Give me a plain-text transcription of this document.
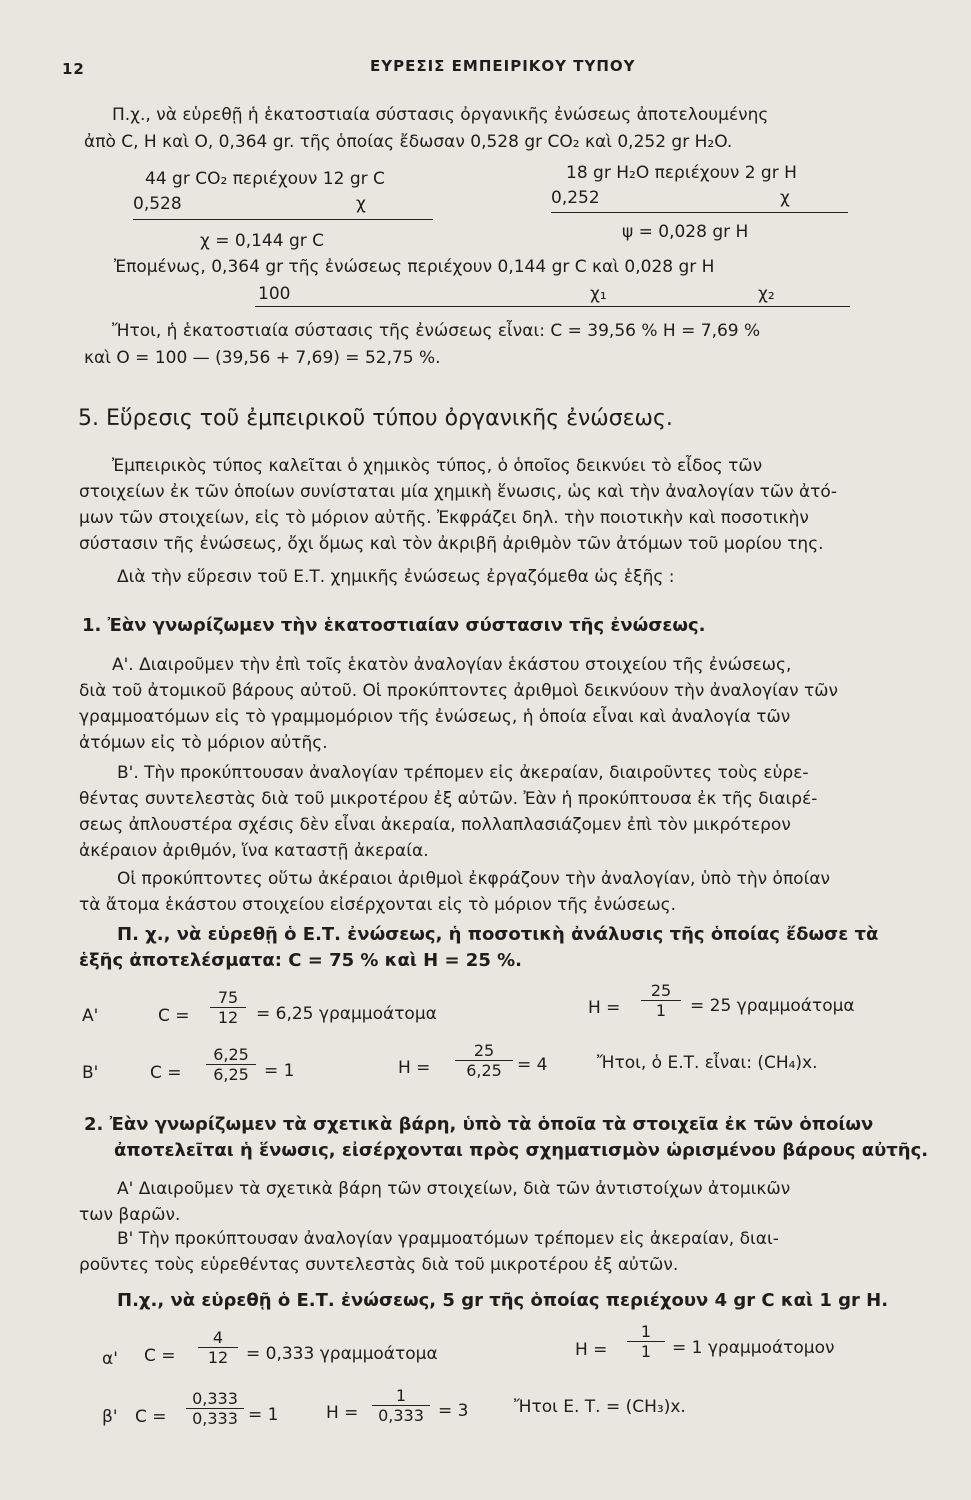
12	ΕΥΡΕΣΙΣ ΕΜΠΕΙΡΙΚΟΥ ΤΥΠΟΥ
Π.χ., νὰ εὑρεθῇ ἡ ἑκατοστιαία σύστασις ὀργανικῆς ἐνώσεως ἀποτελουμένης
ἀπὸ C, H καὶ O, 0,364 gr. τῆς ὁποίας ἔδωσαν 0,528 gr CO₂ καὶ 0,252 gr H₂O.
44 gr CO₂ περιέχουν 12 gr C
0,528	χ
χ = 0,144 gr C
18 gr H₂O περιέχουν 2 gr H
0,252	χ
ψ = 0,028 gr H
Ἐπομένως, 0,364 gr τῆς ἐνώσεως περιέχουν 0,144 gr C καὶ 0,028 gr H
100	χ₁	χ₂
Ἤτοι, ἡ ἑκατοστιαία σύστασις τῆς ἐνώσεως εἶναι: C = 39,56 % H = 7,69 %
καὶ O = 100 — (39,56 + 7,69) = 52,75 %.
5. Εὕρεσις τοῦ ἐμπειρικοῦ τύπου ὀργανικῆς ἐνώσεως.
Ἐμπειρικὸς τύπος καλεῖται ὁ χημικὸς τύπος, ὁ ὁποῖος δεικνύει τὸ εἶδος τῶν
στοιχείων ἐκ τῶν ὁποίων συνίσταται μία χημικὴ ἕνωσις, ὡς καὶ τὴν ἀναλογίαν τῶν ἀτό-
μων τῶν στοιχείων, εἰς τὸ μόριον αὐτῆς. Ἐκφράζει δηλ. τὴν ποιοτικὴν καὶ ποσοτικὴν
σύστασιν τῆς ἐνώσεως, ὄχι ὅμως καὶ τὸν ἀκριβῆ ἀριθμὸν τῶν ἀτόμων τοῦ μορίου της.
Διὰ τὴν εὕρεσιν τοῦ Ε.Τ. χημικῆς ἐνώσεως ἐργαζόμεθα ὡς ἑξῆς :
1. Ἐὰν γνωρίζωμεν τὴν ἑκατοστιαίαν σύστασιν τῆς ἐνώσεως.
Α'. Διαιροῦμεν τὴν ἐπὶ τοῖς ἑκατὸν ἀναλογίαν ἑκάστου στοιχείου τῆς ἐνώσεως,
διὰ τοῦ ἀτομικοῦ βάρους αὐτοῦ. Οἱ προκύπτοντες ἀριθμοὶ δεικνύουν τὴν ἀναλογίαν τῶν
γραμμοατόμων εἰς τὸ γραμμομόριον τῆς ἐνώσεως, ἡ ὁποία εἶναι καὶ ἀναλογία τῶν
ἀτόμων εἰς τὸ μόριον αὐτῆς.
Β'. Τὴν προκύπτουσαν ἀναλογίαν τρέπομεν εἰς ἀκεραίαν, διαιροῦντες τοὺς εὑρε-
θέντας συντελεστὰς διὰ τοῦ μικροτέρου ἐξ αὐτῶν. Ἐὰν ἡ προκύπτουσα ἐκ τῆς διαιρέ-
σεως ἀπλουστέρα σχέσις δὲν εἶναι ἀκεραία, πολλαπλασιάζομεν ἐπὶ τὸν μικρότερον
ἀκέραιον ἀριθμόν, ἵνα καταστῇ ἀκεραία.
Οἱ προκύπτοντες οὕτω ἀκέραιοι ἀριθμοὶ ἐκφράζουν τὴν ἀναλογίαν, ὑπὸ τὴν ὁποίαν
τὰ ἄτομα ἑκάστου στοιχείου εἰσέρχονται εἰς τὸ μόριον τῆς ἐνώσεως.
Π. χ., νὰ εὑρεθῇ ὁ Ε.Τ. ἐνώσεως, ἡ ποσοτικὴ ἀνάλυσις τῆς ὁποίας ἔδωσε τὰ
ἑξῆς ἀποτελέσματα: C = 75 % καὶ H = 25 %.
Α'	$C = \frac{75}{12} = 6,25$ γραμμοάτομα	$H = \frac{25}{1} = 25$ γραμμοάτομα
Β'	$C = \frac{6,25}{6,25} = 1$	$H = \frac{25}{6,25} = 4$	Ἤτοι, ὁ Ε.Τ. εἶναι: (CH₄)x.
2. Ἐὰν γνωρίζωμεν τὰ σχετικὰ βάρη, ὑπὸ τὰ ὁποῖα τὰ στοιχεῖα ἐκ τῶν ὁποίων
ἀποτελεῖται ἡ ἕνωσις, εἰσέρχονται πρὸς σχηματισμὸν ὡρισμένου βάρους αὐτῆς.
Α' Διαιροῦμεν τὰ σχετικὰ βάρη τῶν στοιχείων, διὰ τῶν ἀντιστοίχων ἀτομικῶν
των βαρῶν.
Β' Τὴν προκύπτουσαν ἀναλογίαν γραμμοατόμων τρέπομεν εἰς ἀκεραίαν, διαι-
ροῦντες τοὺς εὑρεθέντας συντελεστὰς διὰ τοῦ μικροτέρου ἐξ αὐτῶν.
Π.χ., νὰ εὑρεθῇ ὁ Ε.Τ. ἐνώσεως, 5 gr τῆς ὁποίας περιέχουν 4 gr C καὶ 1 gr H.
α' $C = \frac{4}{12} = 0,333$ γραμμοάτομα	$H = \frac{1}{1} = 1$ γραμμοάτομον
β' $C = \frac{0,333}{0,333} = 1$	$H = \frac{1}{0,333} = 3$	Ἤτοι Ε. Τ. = (CH₃)x.
